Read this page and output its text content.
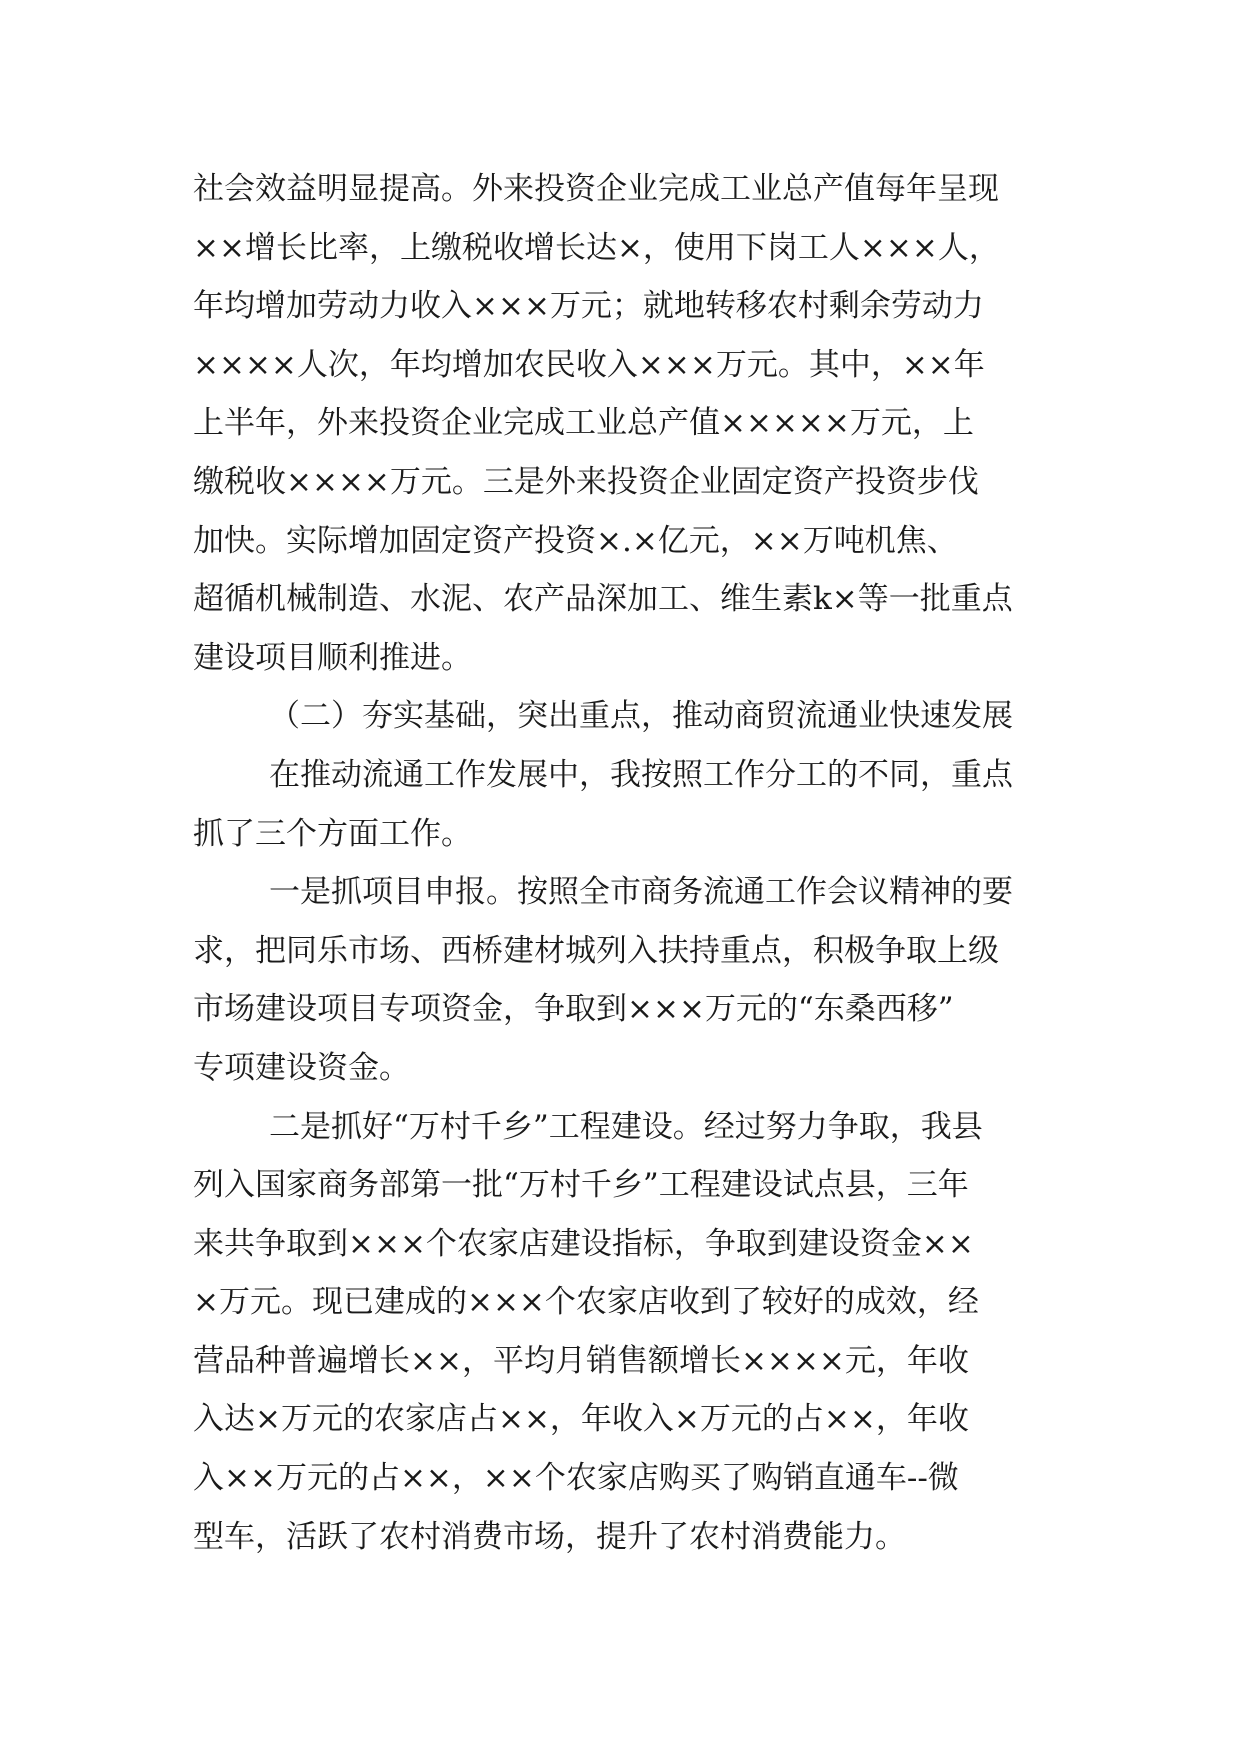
社会效益明显提高。外来投资企业完成工业总产值每年呈现
××增长比率，上缴税收增长达×，使用下岗工人×××人，
年均增加劳动力收入×××万元；就地转移农村剩余劳动力
××××人次，年均增加农民收入×××万元。其中，××年
上半年，外来投资企业完成工业总产值×××××万元，上
缴税收××××万元。三是外来投资企业固定资产投资步伐
加快。实际增加固定资产投资×.×亿元，××万吨机焦、
超循机械制造、水泥、农产品深加工、维生素k×等一批重点
建设项目顺利推进。
（二）夯实基础，突出重点，推动商贸流通业快速发展
在推动流通工作发展中，我按照工作分工的不同，重点
抓了三个方面工作。
一是抓项目申报。按照全市商务流通工作会议精神的要
求，把同乐市场、西桥建材城列入扶持重点，积极争取上级
市场建设项目专项资金，争取到×××万元的“东桑西移”
专项建设资金。
二是抓好“万村千乡”工程建设。经过努力争取，我县
列入国家商务部第一批“万村千乡”工程建设试点县，三年
来共争取到×××个农家店建设指标，争取到建设资金××
×万元。现已建成的×××个农家店收到了较好的成效，经
营品种普遍增长××，平均月销售额增长××××元，年收
入达×万元的农家店占××，年收入×万元的占××，年收
入××万元的占××，××个农家店购买了购销直通车--微
型车，活跃了农村消费市场，提升了农村消费能力。
